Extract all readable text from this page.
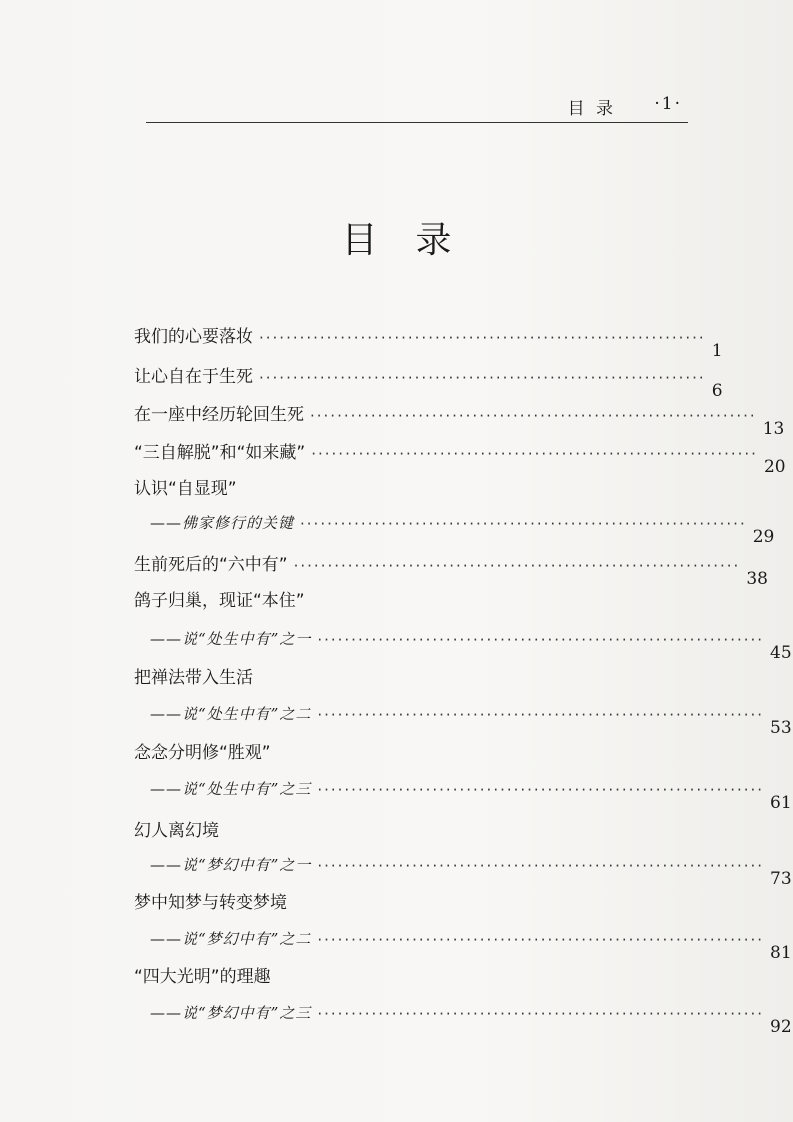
目 录 ·1·
目录
我们的心要落妆 ··································································
1
让心自在于生死 ··································································
6
在一座中经历轮回生死 ··································································
13
“三自解脱”和“如来藏” ··································································
20
认识“自显现”
——佛家修行的关键 ··································································
29
生前死后的“六中有” ··································································
38
鸽子归巢，现证“本住”
——说“处生中有”之一 ··································································
45
把禅法带入生活
——说“处生中有”之二 ··································································
53
念念分明修“胜观”
——说“处生中有”之三 ··································································
61
幻人离幻境
——说“梦幻中有”之一 ··································································
73
梦中知梦与转变梦境
——说“梦幻中有”之二 ··································································
81
“四大光明”的理趣
——说“梦幻中有”之三 ··································································
92
